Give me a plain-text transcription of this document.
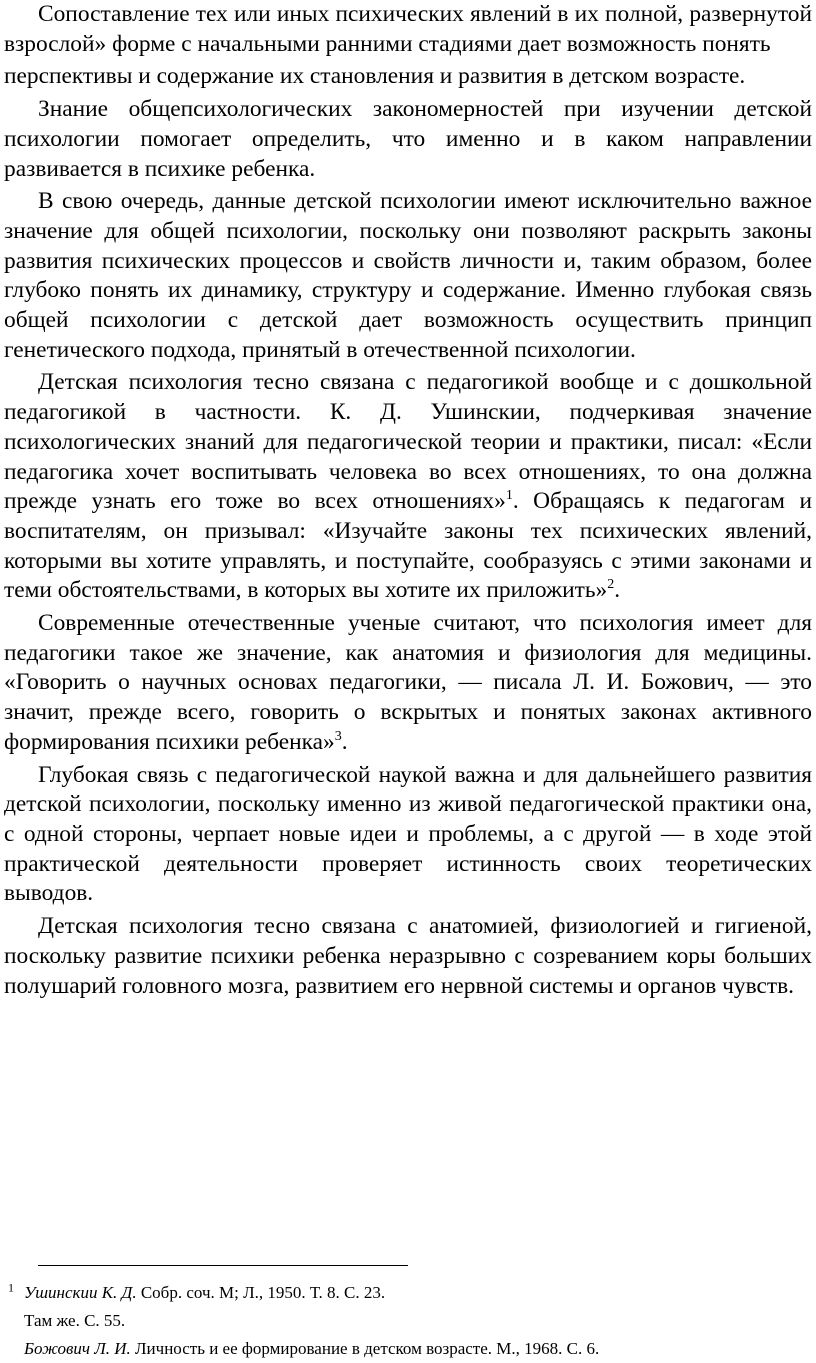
Сопоставление тех или иных психических явлений в их полной, развернутой взрослой» форме с начальными ранними стадиями дает возможность понять

перспективы и содержание их становления и развития в детском возрасте.

Знание общепсихологических закономерностей при изучении детской психологии помогает определить, что именно и в каком направлении развивается в психике ребенка.

В свою очередь, данные детской психологии имеют исключительно важное значение для общей психологии, поскольку они позволяют раскрыть законы развития психических процессов и свойств личности и, таким образом, более глубоко понять их динамику, структуру и содержание. Именно глубокая связь общей психологии с детской дает возможность осуществить принцип генетического подхода, принятый в отечественной психологии.

Детская психология тесно связана с педагогикой вообще и с дошкольной педагогикой в частности. К. Д. Ушинскии, подчеркивая значение психологических знаний для педагогической теории и практики, писал: «Если педагогика хочет воспитывать человека во всех отношениях, то она должна прежде узнать его тоже во всех отношениях»$^1$. Обращаясь к педагогам и воспитателям, он призывал: «Изучайте законы тех психических явлений, которыми вы хотите управлять, и поступайте, сообразуясь с этими законами и теми обстоятельствами, в которых вы хотите их приложить»$^2$.

Современные отечественные ученые считают, что психология имеет для педагогики такое же значение, как анатомия и физиология для медицины. «Говорить о научных основах педагогики, — писала Л. И. Божович, — это значит, прежде всего, говорить о вскрытых и понятых законах активного формирования психики ребенка»$^3$.

Глубокая связь с педагогической наукой важна и для дальнейшего развития детской психологии, поскольку именно из живой педагогической практики она, с одной стороны, черпает новые идеи и проблемы, а с другой — в ходе этой практической деятельности проверяет истинность своих теоретических выводов.

Детская психология тесно связана с анатомией, физиологией и гигиеной, поскольку развитие психики ребенка неразрывно с созреванием коры больших полушарий головного мозга, развитием его нервной системы и органов чувств.

$^1$ Ушинскии К. Д. Собр. соч. М; Л., 1950. Т. 8. С. 23.

Там же. С. 55.

Божович Л. И. Личность и ее формирование в детском возрасте. М., 1968. С. 6.
